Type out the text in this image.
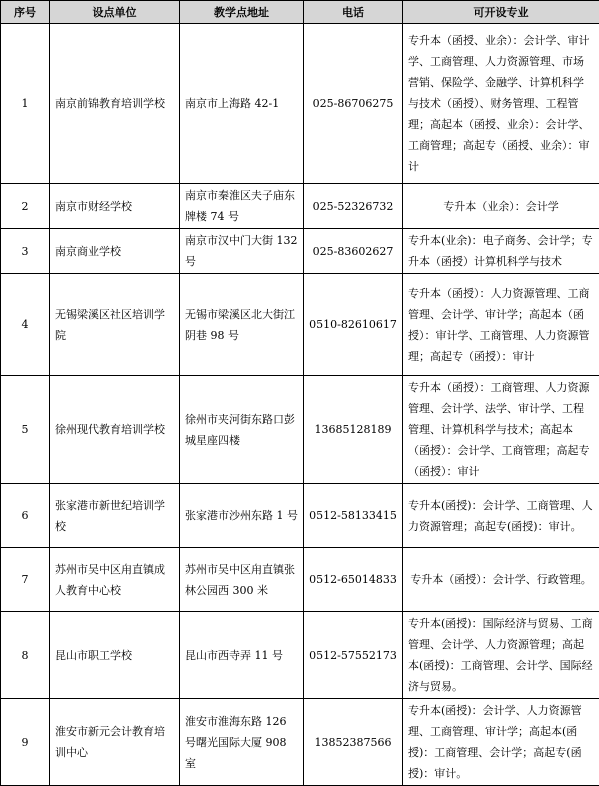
序号	设点单位	教学点地址	电话	可开设专业
1	南京前锦教育培训学校	南京市上海路 42-1	025-86706275	专升本（函授、业余）：会计学、审计学、工商管理、人力资源管理、市场营销、保险学、金融学、计算机科学与技术（函授）、财务管理、工程管理；高起本（函授、业余）：会计学、工商管理；高起专（函授、业余）：审计
2	南京市财经学校	南京市秦淮区夫子庙东牌楼 74 号	025-52326732	专升本（业余）：会计学
3	南京商业学校	南京市汉中门大街 132 号	025-83602627	专升本(业余)：电子商务、会计学；专升本（函授）计算机科学与技术
4	无锡梁溪区社区培训学院	无锡市梁溪区北大街江阴巷 98 号	0510-82610617	专升本（函授）：人力资源管理、工商管理、会计学、审计学；高起本（函授）：审计学、工商管理、人力资源管理；高起专（函授）：审计
5	徐州现代教育培训学校	徐州市夹河街东路口彭城星座四楼	13685128189	专升本（函授）：工商管理、人力资源管理、会计学、法学、审计学、工程管理、计算机科学与技术；高起本（函授）：会计学、工商管理；高起专（函授）：审计
6	张家港市新世纪培训学校	张家港市沙州东路 1 号	0512-58133415	专升本(函授)：会计学、工商管理、人力资源管理；高起专(函授)：审计。
7	苏州市吴中区甪直镇成人教育中心校	苏州市吴中区甪直镇张林公园西 300 米	0512-65014833	专升本（函授）：会计学、行政管理。
8	昆山市职工学校	昆山市西寺弄 11 号	0512-57552173	专升本(函授)：国际经济与贸易、工商管理、会计学、人力资源管理；高起本(函授)：工商管理、会计学、国际经济与贸易。
9	淮安市新元会计教育培训中心	淮安市淮海东路 126 号曙光国际大厦 908 室	13852387566	专升本(函授)：会计学、人力资源管理、工商管理、审计学；高起本(函授)：工商管理、会计学；高起专(函授)：审计。
